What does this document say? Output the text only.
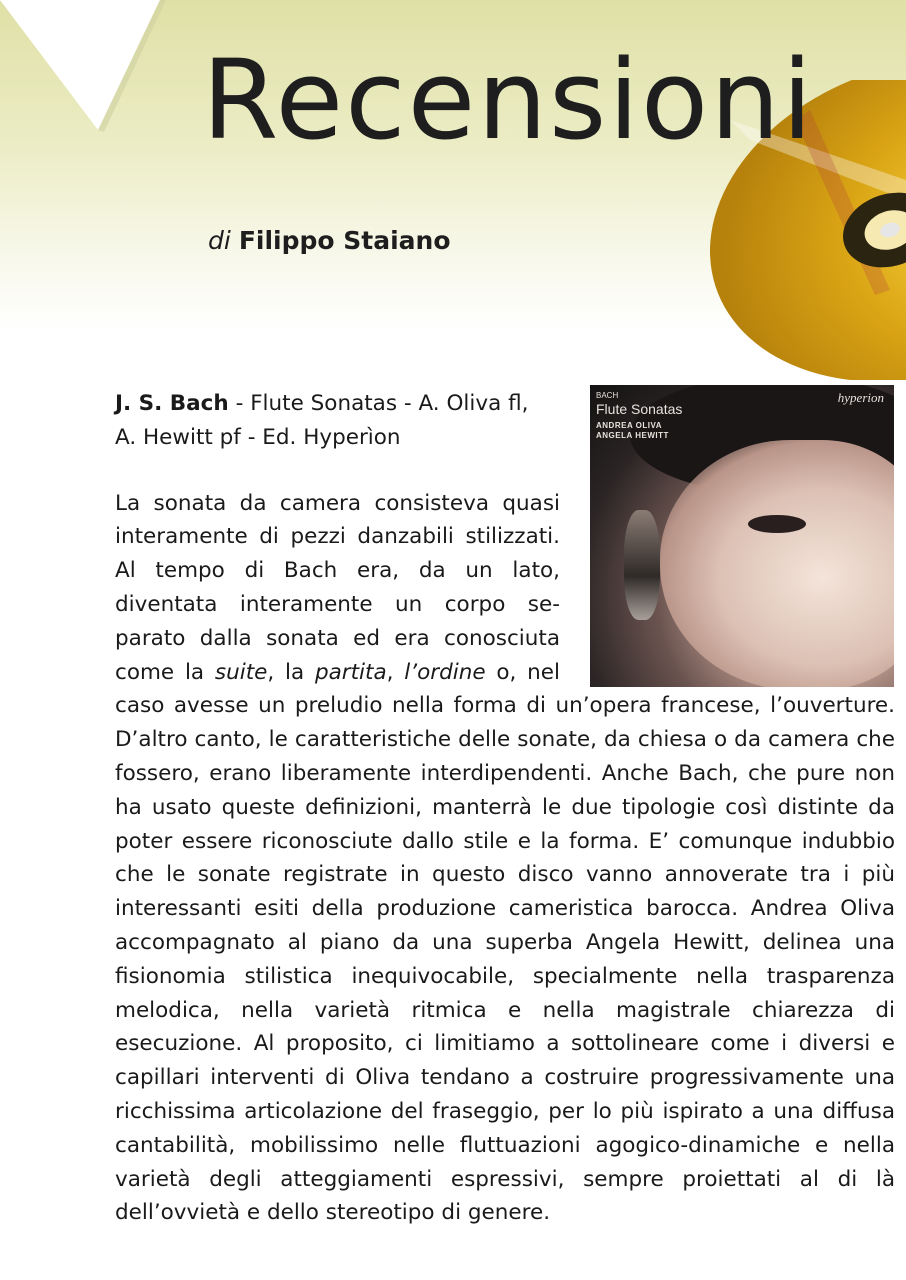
Recensioni
di Filippo Staiano
BACH
Flute Sonatas
ANDREA OLIVA
ANGELA HEWITT
hyperion
J. S. Bach - Flute Sonatas - A. Oliva fl,
A. Hewitt pf - Ed. Hyperìon

La sonata da camera consisteva quasi interamente di pezzi danzabili stilizzati. Al tempo di Bach era, da un lato, diventata interamente un corpo separato dalla sonata ed era conosciuta come la suite, la partita, l’ordine o, nel caso avesse un preludio nella forma di un’opera francese, l’ouverture. D’altro canto, le caratteristiche delle sonate, da chiesa o da camera che fossero, erano liberamente interdipendenti. Anche Bach, che pure non ha usato queste definizioni, manterrà le due tipologie così distinte da poter essere riconosciute dallo stile e la forma. E’ comunque indubbio che le sonate registrate in questo disco vanno annoverate tra i più interessanti esiti della produzione cameristica barocca. Andrea Oliva accompagnato al piano da una superba Angela Hewitt, delinea una fisionomia stilistica inequivocabile, specialmente nella trasparenza melodica, nella varietà ritmica e nella magistrale chiarezza di esecuzione. Al proposito, ci limitiamo a sottolineare come i diversi e capillari interventi di Oliva tendano a costruire progressivamente una ricchissima articolazione del fraseggio, per lo più ispirato a una diffusa cantabilità, mobilissimo nelle fluttuazioni agogico-dinamiche e nella varietà degli atteggiamenti espressivi, sempre proiettati al di là dell’ovvietà e dello stereotipo di genere.
